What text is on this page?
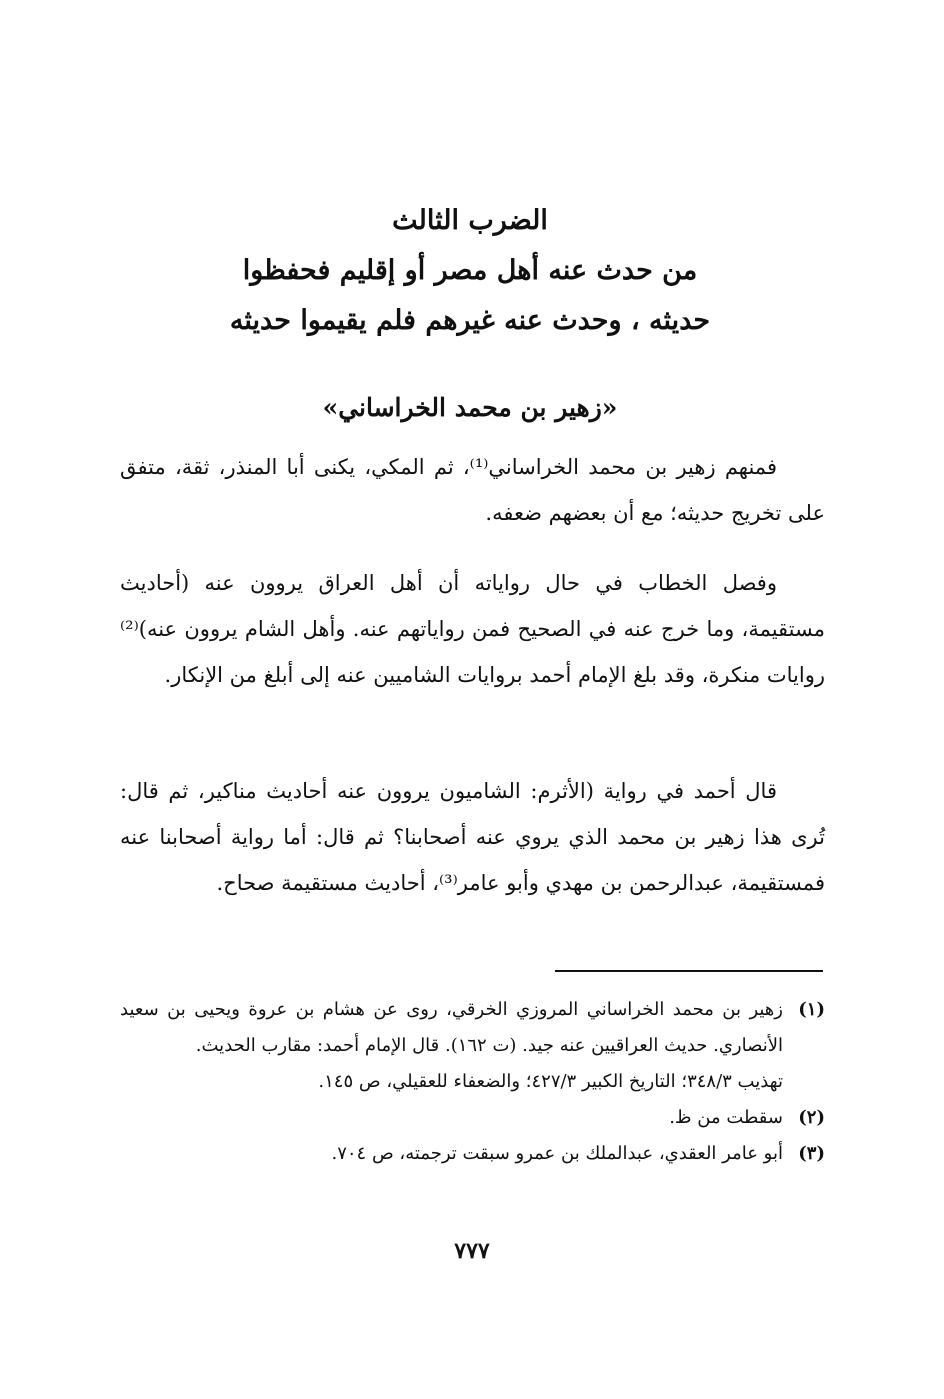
الضرب الثالث
من حدث عنه أهل مصر أو إقليم فحفظوا
حديثه ، وحدث عنه غيرهم فلم يقيموا حديثه
«زهير بن محمد الخراساني»

فمنهم زهير بن محمد الخراساني⁽¹⁾، ثم المكي، يكنى أبا المنذر، ثقة، متفق على تخريج حديثه؛ مع أن بعضهم ضعفه.

وفصل الخطاب في حال رواياته أن أهل العراق يروون عنه (أحاديث مستقيمة، وما خرج عنه في الصحيح فمن رواياتهم عنه. وأهل الشام يروون عنه)⁽²⁾ روايات منكرة، وقد بلغ الإمام أحمد بروايات الشاميين عنه إلى أبلغ من الإنكار.

قال أحمد في رواية (الأثرم: الشاميون يروون عنه أحاديث مناكير، ثم قال: تُرى هذا زهير بن محمد الذي يروي عنه أصحابنا؟ ثم قال: أما رواية أصحابنا عنه فمستقيمة، عبدالرحمن بن مهدي وأبو عامر⁽³⁾، أحاديث مستقيمة صحاح.

(١)
زهير بن محمد الخراساني المروزي الخرقي، روى عن هشام بن عروة ويحيى بن سعيد الأنصاري. حديث العراقيين عنه جيد. (ت ١٦٢). قال الإمام أحمد: مقارب الحديث.
تهذيب ٣٤٨/٣؛ التاريخ الكبير ٤٢٧/٣؛ والضعفاء للعقيلي، ص ١٤٥.
(٢)
سقطت من ظ.
(٣)
أبو عامر العقدي، عبدالملك بن عمرو سبقت ترجمته، ص ٧٠٤.
٧٧٧
